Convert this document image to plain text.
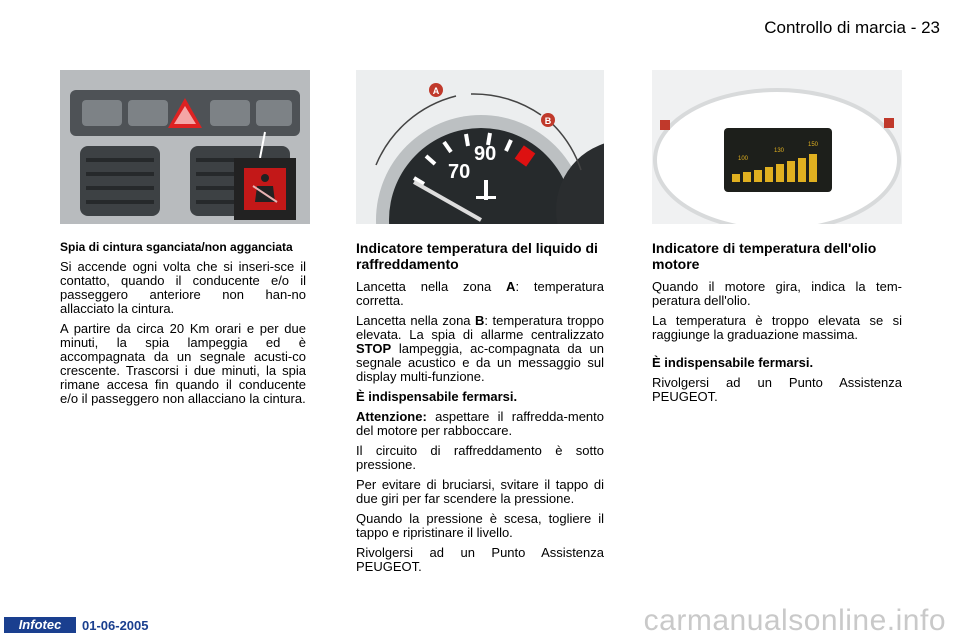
Controllo di marcia - 23
A
B
70
90	100
130
150

Spia di cintura sganciata/non agganciata

Si accende ogni volta che si inseri-sce il contatto, quando il conducente e/o il passeggero anteriore non han-no allacciato la cintura.

A partire da circa 20 Km orari e per due minuti, la spia lampeggia ed è accompagnata da un segnale acusti-co crescente. Trascorsi i due minuti, la spia rimane accesa fin quando il conducente e/o il passeggero non allacciano la cintura.

Indicatore temperatura del liquido di raffreddamento

Lancetta nella zona A: temperatura corretta.

Lancetta nella zona B: temperatura troppo elevata. La spia di allarme centralizzato STOP lampeggia, ac-compagnata da un segnale acustico e da un messaggio sul display multi-funzione.

È indispensabile fermarsi.

Attenzione: aspettare il raffredda-mento del motore per rabboccare.

Il circuito di raffreddamento è sotto pressione.

Per evitare di bruciarsi, svitare il tappo di due giri per far scendere la pressione.

Quando la pressione è scesa, togliere il tappo e ripristinare il livello.

Rivolgersi ad un Punto Assistenza PEUGEOT.

Indicatore di temperatura dell'olio motore

Quando il motore gira, indica la tem-peratura dell'olio.

La temperatura è troppo elevata se si raggiunge la graduazione massima.

È indispensabile fermarsi.

Rivolgersi ad un Punto Assistenza PEUGEOT.

Infotec	01-06-2005	carmanualsonline.info
